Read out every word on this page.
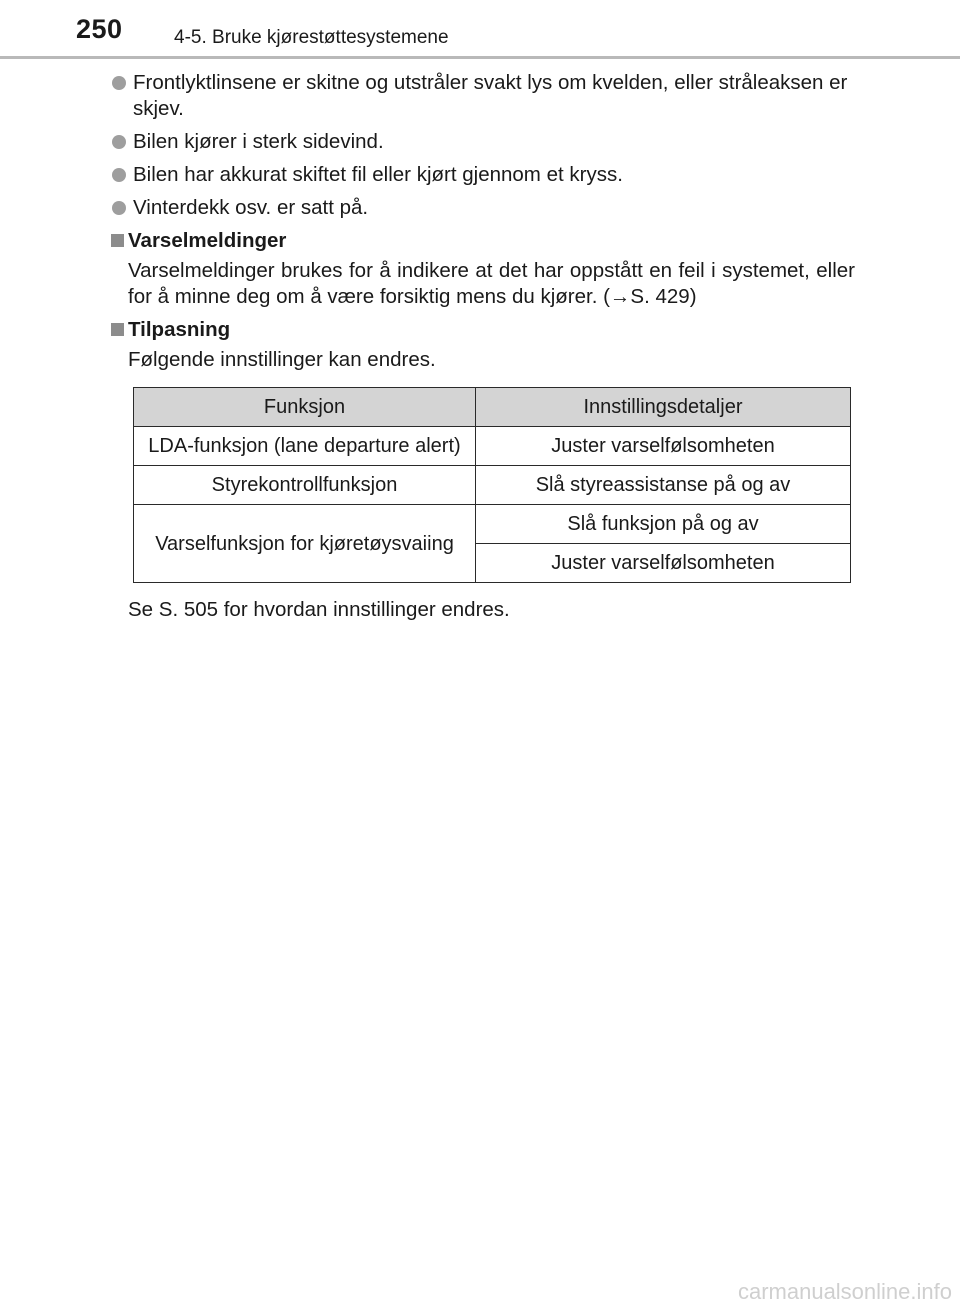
250	4-5. Bruke kjørestøttesystemene
Frontlyktlinsene er skitne og utstråler svakt lys om kvelden, eller stråleaksen er skjev.
Bilen kjører i sterk sidevind.
Bilen har akkurat skiftet fil eller kjørt gjennom et kryss.
Vinterdekk osv. er satt på.
Varselmeldinger
Varselmeldinger brukes for å indikere at det har oppstått en feil i systemet, eller for å minne deg om å være forsiktig mens du kjører. (→S. 429)
Tilpasning
Følgende innstillinger kan endres.
Funksjon	Innstillingsdetaljer
LDA-funksjon (lane departure alert)	Juster varselfølsomheten
Styrekontrollfunksjon	Slå styreassistanse på og av
Varselfunksjon for kjøretøysvaiing	Slå funksjon på og av
	Juster varselfølsomheten
Se S. 505 for hvordan innstillinger endres.
carmanualsonline.info
